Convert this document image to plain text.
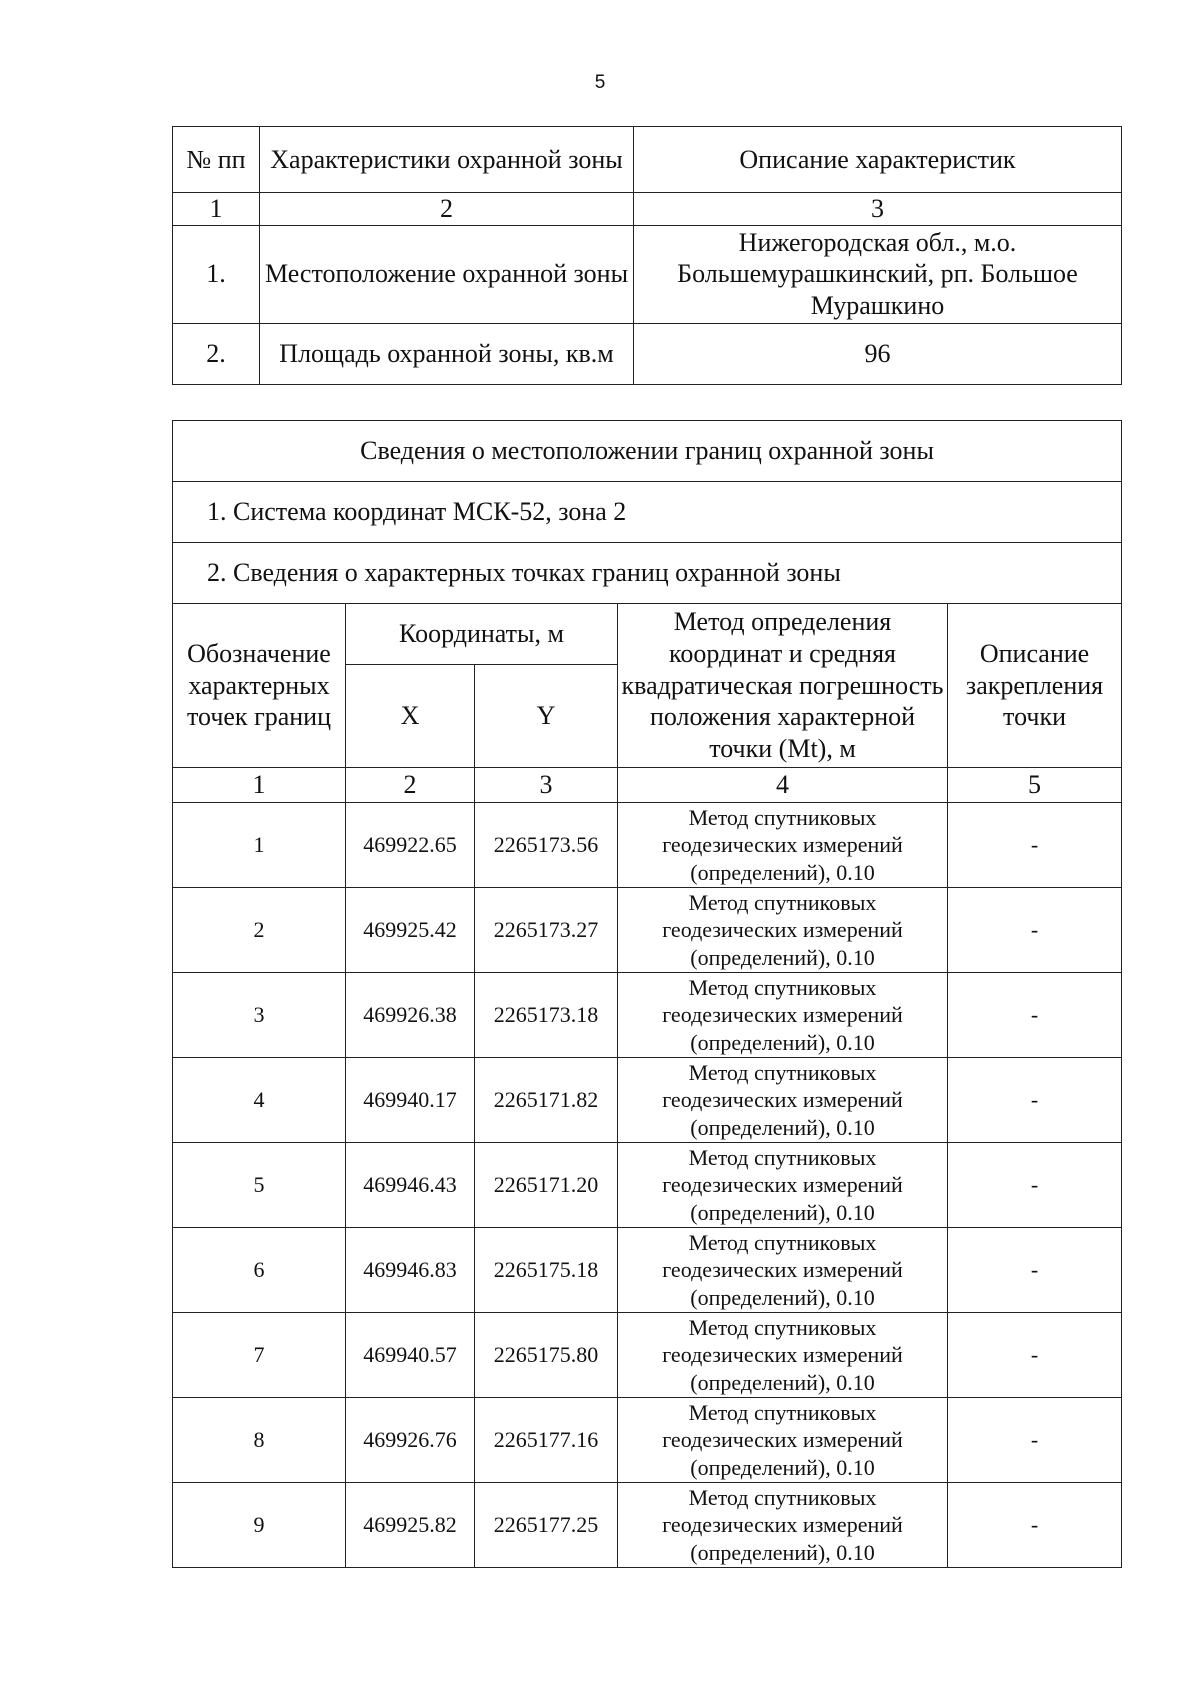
5
№ пп	Характеристики охранной зоны	Описание характеристик
1	2	3
1.	Местоположение охранной зоны	Нижегородская обл., м.о. Большемурашкинский, рп. Большое Мурашкино
2.	Площадь охранной зоны, кв.м	96
Сведения о местоположении границ охранной зоны				
1. Система координат МСК-52, зона 2				
2. Сведения о характерных точках границ охранной зоны				
Обозначение характерных точек границ	Координаты, м		Метод определения координат и средняя квадратическая погрешность положения характерной точки (Mt), м	Описание закрепления точки
	X	Y		
1	2	3	4	5
1	469922.65	2265173.56	Метод спутниковых геодезических измерений (определений), 0.10	-
2	469925.42	2265173.27	Метод спутниковых геодезических измерений (определений), 0.10	-
3	469926.38	2265173.18	Метод спутниковых геодезических измерений (определений), 0.10	-
4	469940.17	2265171.82	Метод спутниковых геодезических измерений (определений), 0.10	-
5	469946.43	2265171.20	Метод спутниковых геодезических измерений (определений), 0.10	-
6	469946.83	2265175.18	Метод спутниковых геодезических измерений (определений), 0.10	-
7	469940.57	2265175.80	Метод спутниковых геодезических измерений (определений), 0.10	-
8	469926.76	2265177.16	Метод спутниковых геодезических измерений (определений), 0.10	-
9	469925.82	2265177.25	Метод спутниковых геодезических измерений (определений), 0.10	-
